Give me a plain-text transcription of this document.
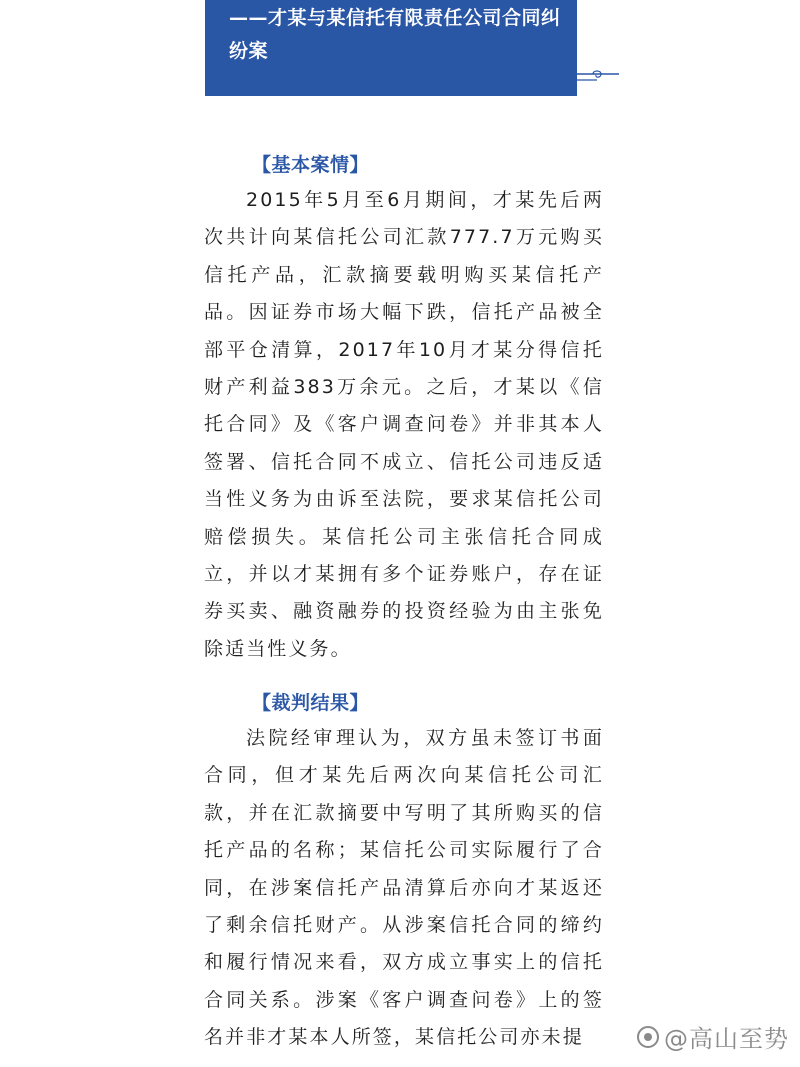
——才某与某信托有限责任公司合同纠纷案
【基本案情】
2015年5月至6月期间，才某先后两次共计向某信托公司汇款777.7万元购买信托产品，汇款摘要载明购买某信托产品。因证券市场大幅下跌，信托产品被全部平仓清算，2017年10月才某分得信托财产利益383万余元。之后，才某以《信托合同》及《客户调查问卷》并非其本人签署、信托合同不成立、信托公司违反适当性义务为由诉至法院，要求某信托公司赔偿损失。某信托公司主张信托合同成立，并以才某拥有多个证券账户，存在证券买卖、融资融券的投资经验为由主张免除适当性义务。
【裁判结果】
法院经审理认为，双方虽未签订书面合同，但才某先后两次向某信托公司汇款，并在汇款摘要中写明了其所购买的信托产品的名称；某信托公司实际履行了合同，在涉案信托产品清算后亦向才某返还了剩余信托财产。从涉案信托合同的缔约和履行情况来看，双方成立事实上的信托合同关系。涉案《客户调查问卷》上的签名并非才某本人所签，某信托公司亦未提	@高山至势
